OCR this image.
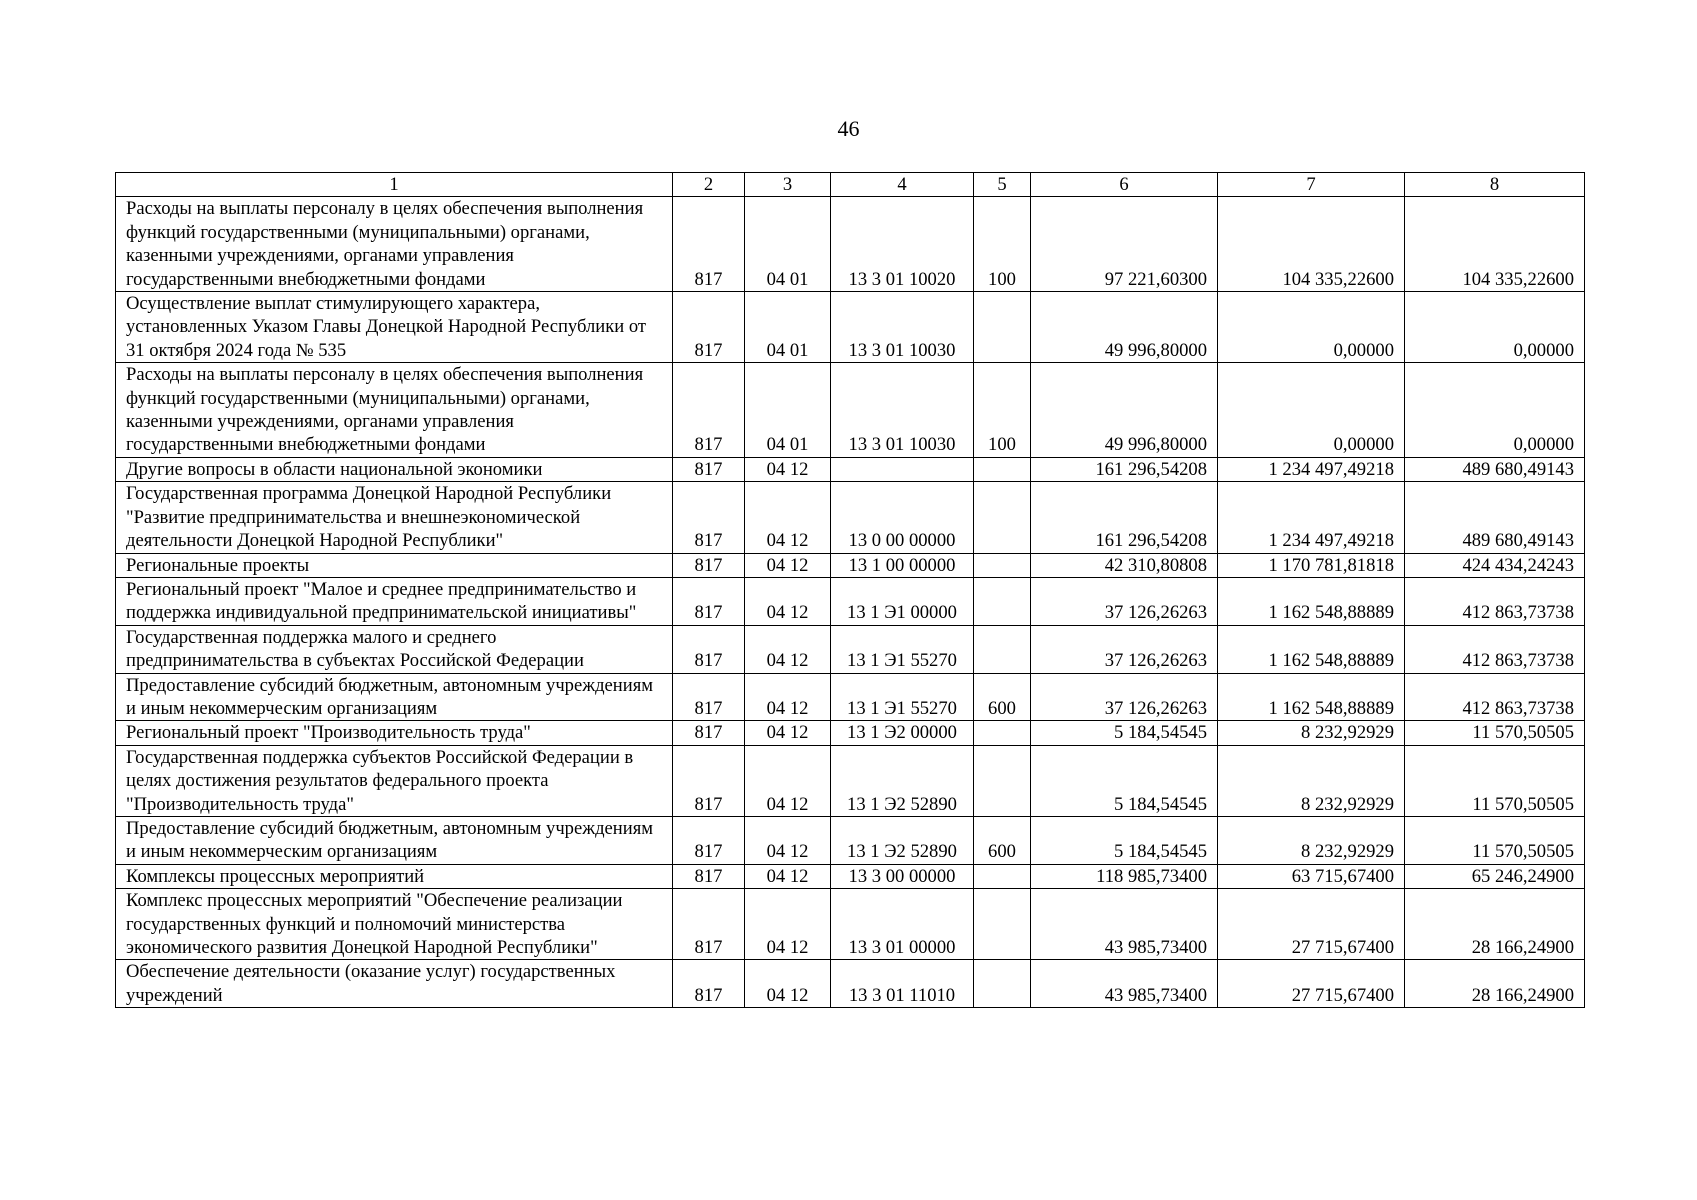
46
1	2	3	4	5	6	7	8
Расходы на выплаты персоналу в целях обеспечения выполнения функций государственными (муниципальными) органами, казенными учреждениями, органами управления государственными внебюджетными фондами	817	04 01	13 3 01 10020	100	97 221,60300	104 335,22600	104 335,22600
Осуществление выплат стимулирующего характера, установленных Указом Главы Донецкой Народной Республики от 31 октября 2024 года № 535	817	04 01	13 3 01 10030		49 996,80000	0,00000	0,00000
Расходы на выплаты персоналу в целях обеспечения выполнения функций государственными (муниципальными) органами, казенными учреждениями, органами управления государственными внебюджетными фондами	817	04 01	13 3 01 10030	100	49 996,80000	0,00000	0,00000
Другие вопросы в области национальной экономики	817	04 12			161 296,54208	1 234 497,49218	489 680,49143
Государственная программа Донецкой Народной Республики "Развитие предпринимательства и внешнеэкономической деятельности Донецкой Народной Республики"	817	04 12	13 0 00 00000		161 296,54208	1 234 497,49218	489 680,49143
Региональные проекты	817	04 12	13 1 00 00000		42 310,80808	1 170 781,81818	424 434,24243
Региональный проект "Малое и среднее предпринимательство и поддержка индивидуальной предпринимательской инициативы"	817	04 12	13 1 Э1 00000		37 126,26263	1 162 548,88889	412 863,73738
Государственная поддержка малого и среднего предпринимательства в субъектах Российской Федерации	817	04 12	13 1 Э1 55270		37 126,26263	1 162 548,88889	412 863,73738
Предоставление субсидий бюджетным, автономным учреждениям и иным некоммерческим организациям	817	04 12	13 1 Э1 55270	600	37 126,26263	1 162 548,88889	412 863,73738
Региональный проект "Производительность труда"	817	04 12	13 1 Э2 00000		5 184,54545	8 232,92929	11 570,50505
Государственная поддержка субъектов Российской Федерации в целях достижения результатов федерального проекта "Производительность труда"	817	04 12	13 1 Э2 52890		5 184,54545	8 232,92929	11 570,50505
Предоставление субсидий бюджетным, автономным учреждениям и иным некоммерческим организациям	817	04 12	13 1 Э2 52890	600	5 184,54545	8 232,92929	11 570,50505
Комплексы процессных мероприятий	817	04 12	13 3 00 00000		118 985,73400	63 715,67400	65 246,24900
Комплекс процессных мероприятий "Обеспечение реализации государственных функций и полномочий министерства экономического развития Донецкой Народной Республики"	817	04 12	13 3 01 00000		43 985,73400	27 715,67400	28 166,24900
Обеспечение деятельности (оказание услуг) государственных учреждений	817	04 12	13 3 01 11010		43 985,73400	27 715,67400	28 166,24900
